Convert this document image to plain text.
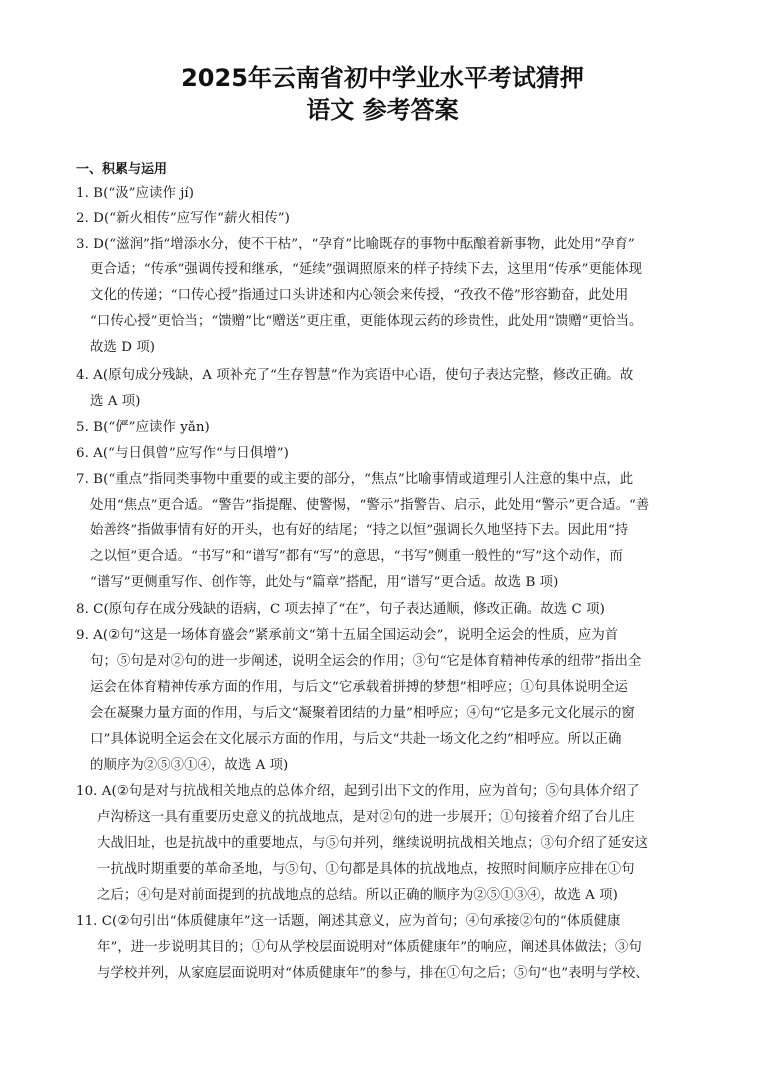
2025年云南省初中学业水平考试猜押
语文 参考答案
一、积累与运用
1. B(“汲”应读作 jí)
2. D(“新火相传”应写作“薪火相传”)
3. D(“滋润”指“增添水分，使不干枯”，“孕育”比喻既存的事物中酝酿着新事物，此处用“孕育”
更合适；“传承”强调传授和继承，“延续”强调照原来的样子持续下去，这里用“传承”更能体现
文化的传递；“口传心授”指通过口头讲述和内心领会来传授，“孜孜不倦”形容勤奋，此处用
“口传心授”更恰当；“馈赠”比“赠送”更庄重，更能体现云药的珍贵性，此处用“馈赠”更恰当。
故选 D 项)
4. A(原句成分残缺，A 项补充了“生存智慧”作为宾语中心语，使句子表达完整，修改正确。故
选 A 项)
5. B(“俨”应读作 yǎn)
6. A(“与日俱曾”应写作“与日俱增”)
7. B(“重点”指同类事物中重要的或主要的部分，“焦点”比喻事情或道理引人注意的集中点，此
处用“焦点”更合适。“警告”指提醒、使警惕，“警示”指警告、启示，此处用“警示”更合适。“善
始善终”指做事情有好的开头，也有好的结尾；“持之以恒”强调长久地坚持下去。因此用“持
之以恒”更合适。“书写”和“谱写”都有“写”的意思，“书写”侧重一般性的“写”这个动作，而
“谱写”更侧重写作、创作等，此处与“篇章”搭配，用“谱写”更合适。故选 B 项)
8. C(原句存在成分残缺的语病，C 项去掉了“在”，句子表达通顺，修改正确。故选 C 项)
9. A(②句“这是一场体育盛会”紧承前文“第十五届全国运动会”，说明全运会的性质，应为首
句；⑤句是对②句的进一步阐述，说明全运会的作用；③句“它是体育精神传承的纽带”指出全
运会在体育精神传承方面的作用，与后文“它承载着拼搏的梦想”相呼应；①句具体说明全运
会在凝聚力量方面的作用，与后文“凝聚着团结的力量”相呼应；④句“它是多元文化展示的窗
口”具体说明全运会在文化展示方面的作用，与后文“共赴一场文化之约”相呼应。所以正确
的顺序为②⑤③①④，故选 A 项)
10. A(②句是对与抗战相关地点的总体介绍，起到引出下文的作用，应为首句；⑤句具体介绍了
卢沟桥这一具有重要历史意义的抗战地点，是对②句的进一步展开；①句接着介绍了台儿庄
大战旧址，也是抗战中的重要地点，与⑤句并列，继续说明抗战相关地点；③句介绍了延安这
一抗战时期重要的革命圣地，与⑤句、①句都是具体的抗战地点，按照时间顺序应排在①句
之后；④句是对前面提到的抗战地点的总结。所以正确的顺序为②⑤①③④，故选 A 项)
11. C(②句引出“体质健康年”这一话题，阐述其意义，应为首句；④句承接②句的“体质健康
年”，进一步说明其目的；①句从学校层面说明对“体质健康年”的响应，阐述具体做法；③句
与学校并列，从家庭层面说明对“体质健康年”的参与，排在①句之后；⑤句“也”表明与学校、
